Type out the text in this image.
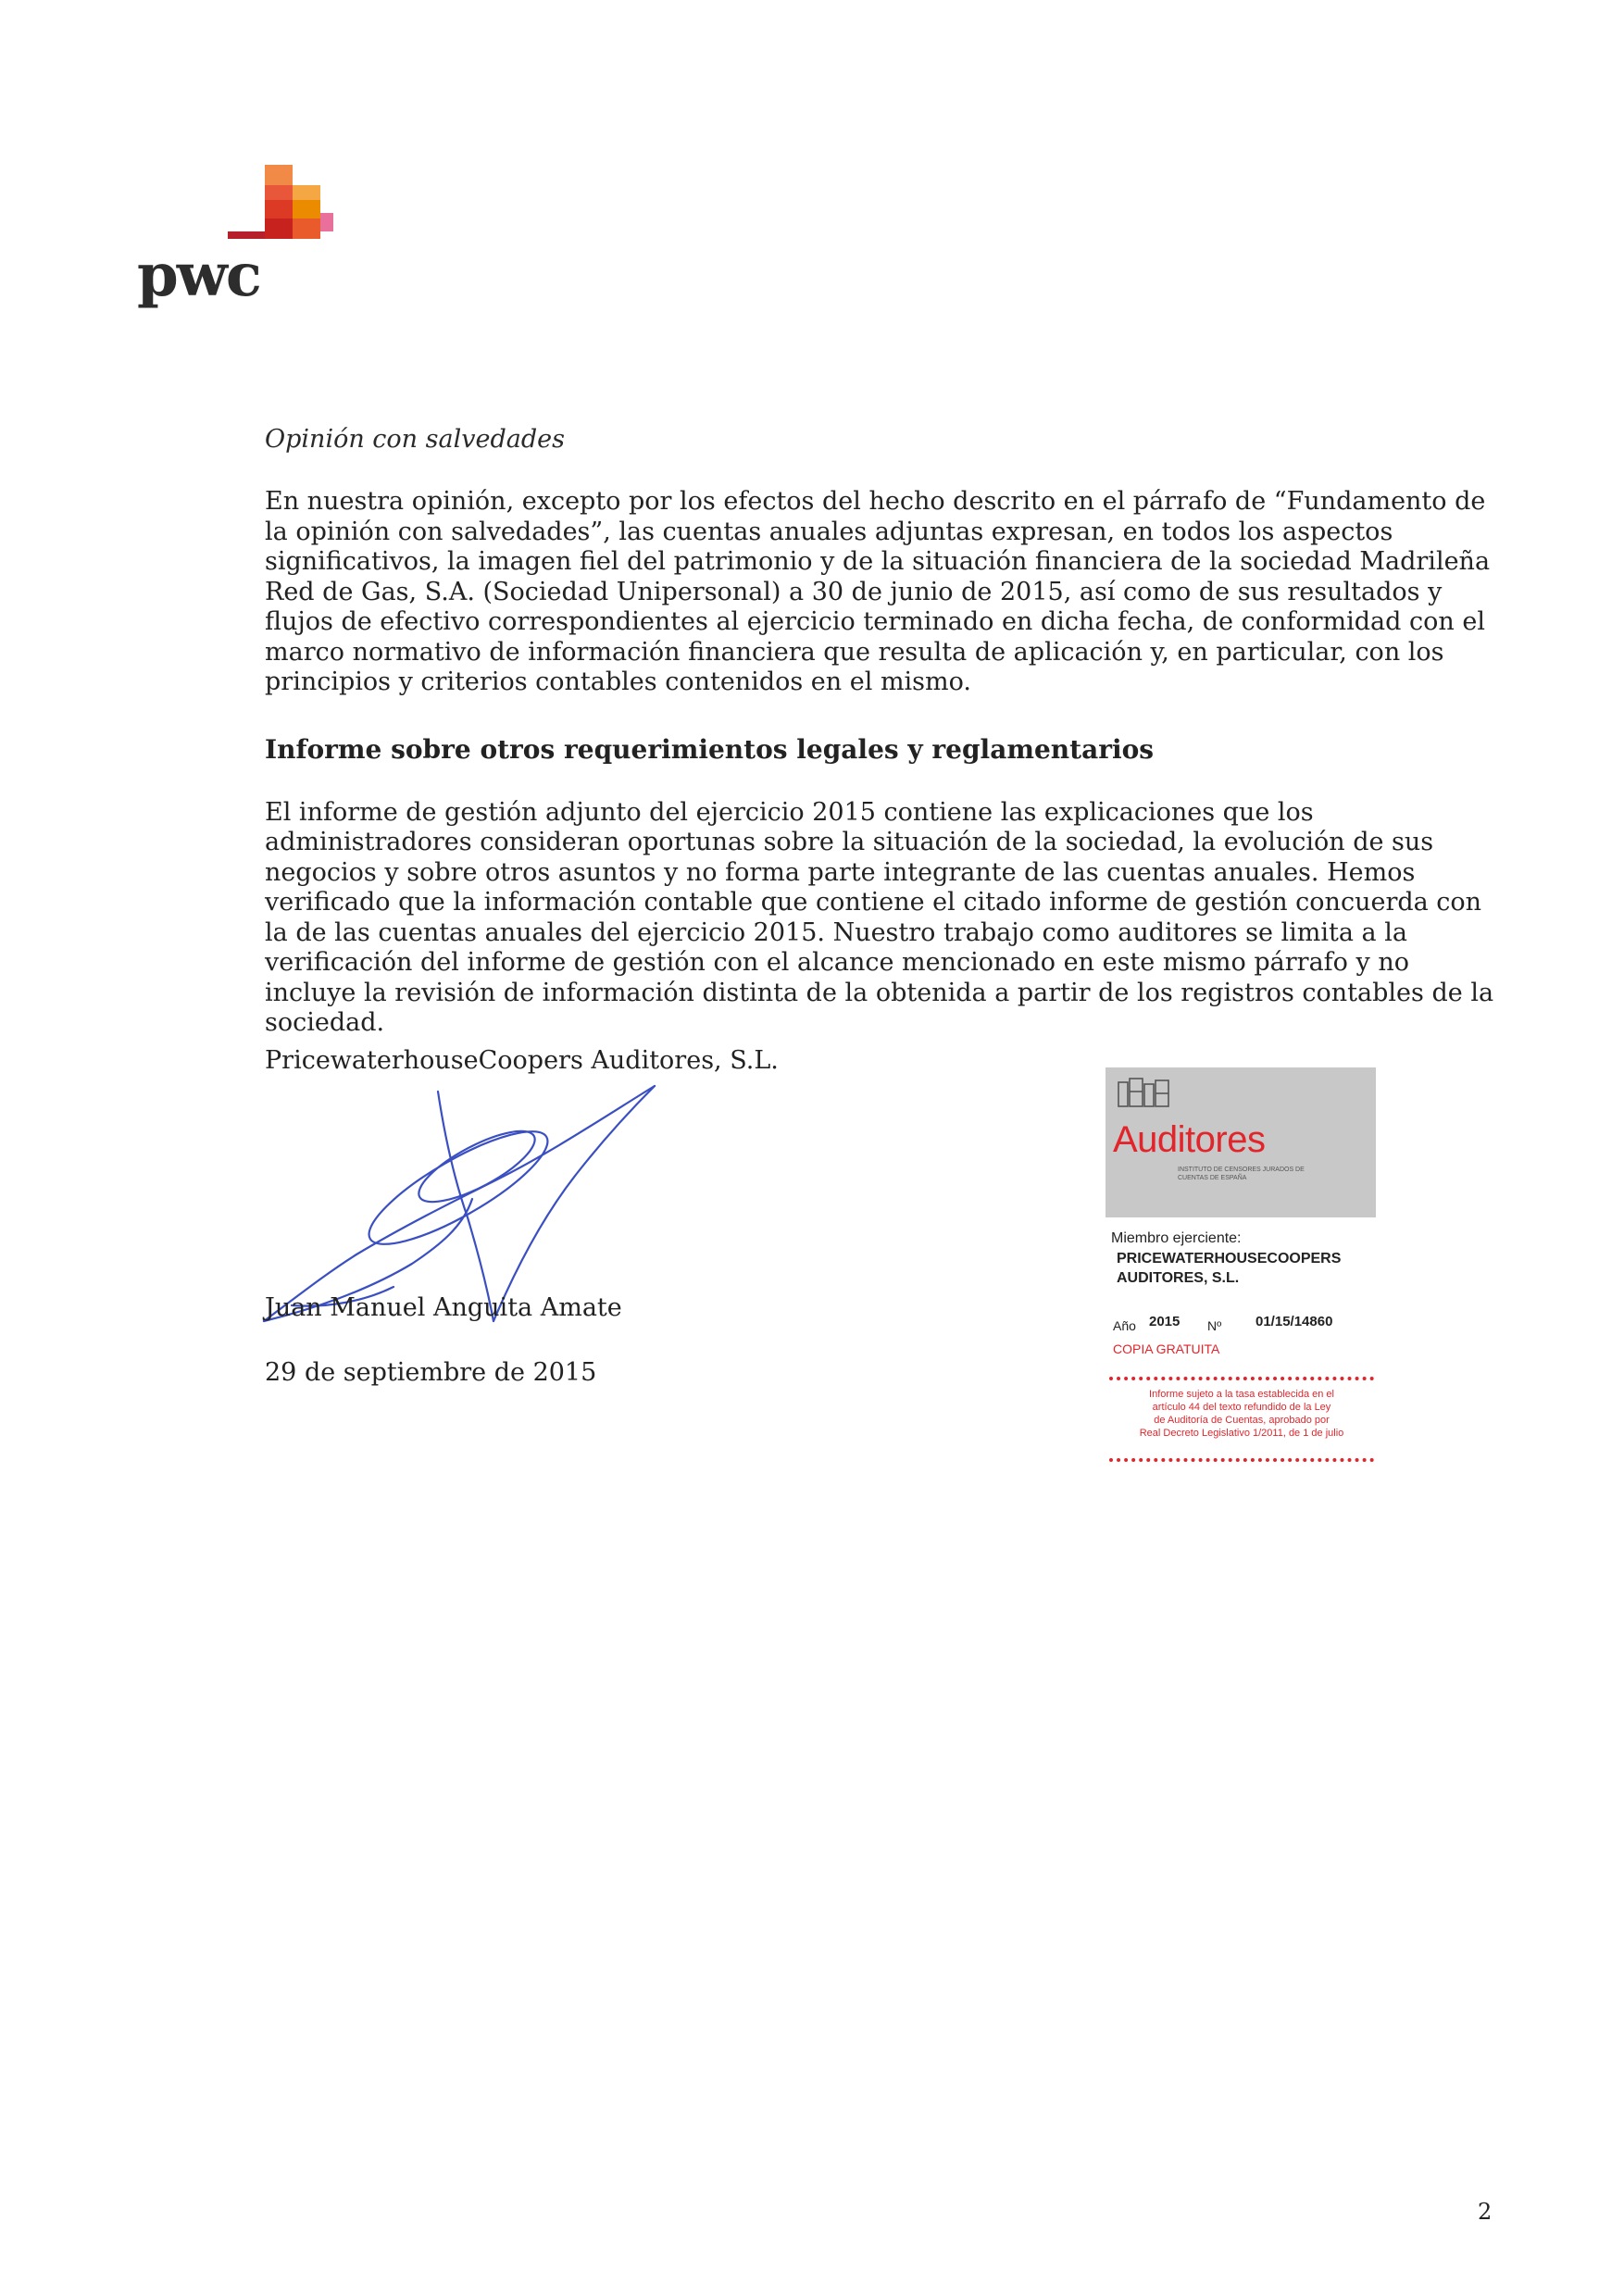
pwc

Opinión con salvedades

En nuestra opinión, excepto por los efectos del hecho descrito en el párrafo de “Fundamento de la opinión con salvedades”, las cuentas anuales adjuntas expresan, en todos los aspectos significativos, la imagen fiel del patrimonio y de la situación financiera de la sociedad Madrileña Red de Gas, S.A. (Sociedad Unipersonal) a 30 de junio de 2015, así como de sus resultados y flujos de efectivo correspondientes al ejercicio terminado en dicha fecha, de conformidad con el marco normativo de información financiera que resulta de aplicación y, en particular, con los principios y criterios contables contenidos en el mismo.

Informe sobre otros requerimientos legales y reglamentarios

El informe de gestión adjunto del ejercicio 2015 contiene las explicaciones que los administradores consideran oportunas sobre la situación de la sociedad, la evolución de sus negocios y sobre otros asuntos y no forma parte integrante de las cuentas anuales. Hemos verificado que la información contable que contiene el citado informe de gestión concuerda con la de las cuentas anuales del ejercicio 2015. Nuestro trabajo como auditores se limita a la verificación del informe de gestión con el alcance mencionado en este mismo párrafo y no incluye la revisión de información distinta de la obtenida a partir de los registros contables de la sociedad.

PricewaterhouseCoopers Auditores, S.L.
Juan Manuel Anguita Amate
29 de septiembre de 2015
Auditores
INSTITUTO DE CENSORES JURADOS DE CUENTAS DE ESPAÑA
Miembro ejerciente:
PRICEWATERHOUSECOOPERS
AUDITORES, S.L.
Año 2015 Nº 01/15/14860
COPIA GRATUITA
Informe sujeto a la tasa establecida en el
artículo 44 del texto refundido de la Ley
de Auditoría de Cuentas, aprobado por
Real Decreto Legislativo 1/2011, de 1 de julio
2
